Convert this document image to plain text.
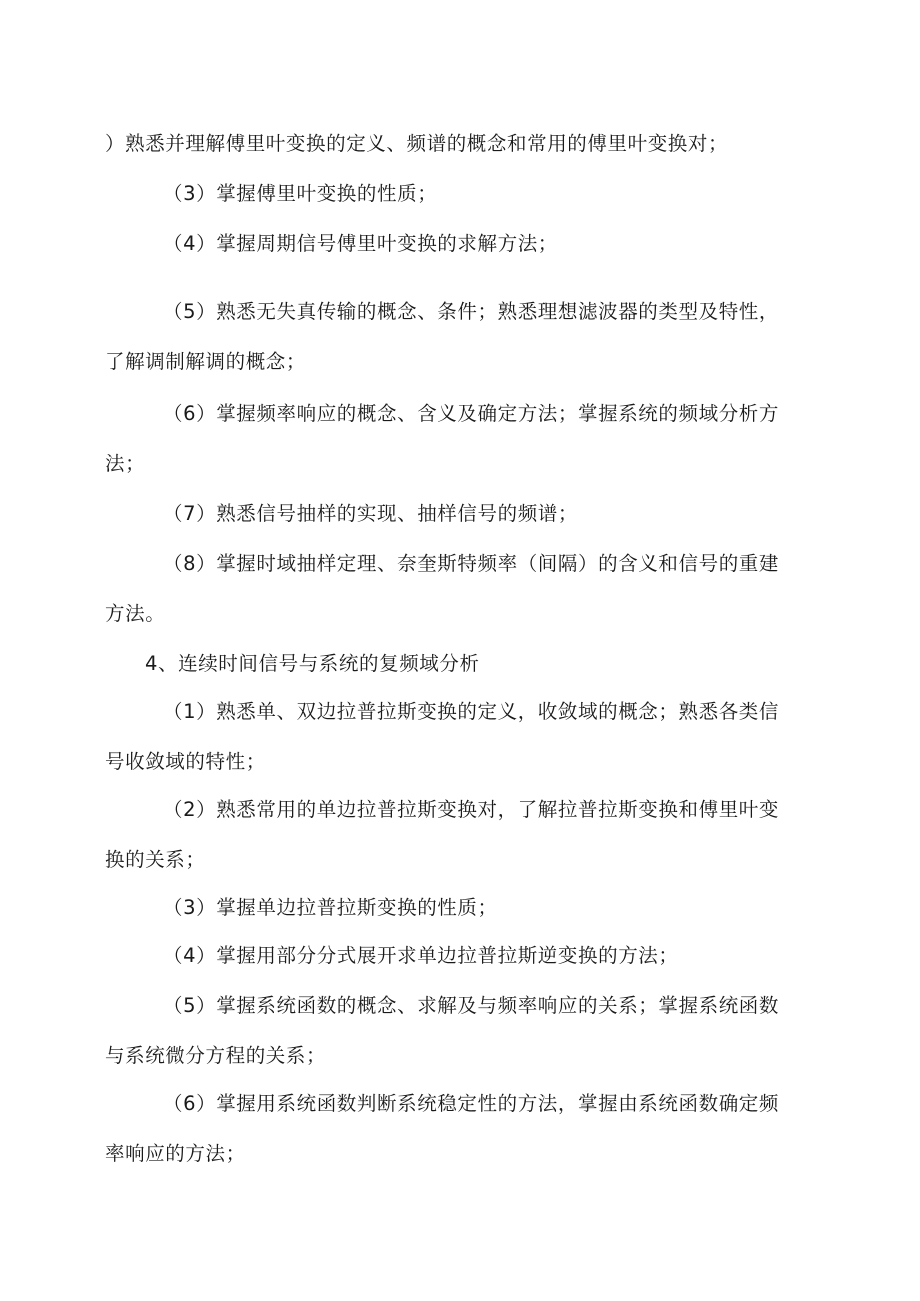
）熟悉并理解傅里叶变换的定义、频谱的概念和常用的傅里叶变换对；
（3）掌握傅里叶变换的性质；
（4）掌握周期信号傅里叶变换的求解方法；
（5）熟悉无失真传输的概念、条件；熟悉理想滤波器的类型及特性，
了解调制解调的概念；
（6）掌握频率响应的概念、含义及确定方法；掌握系统的频域分析方
法；
（7）熟悉信号抽样的实现、抽样信号的频谱；
（8）掌握时域抽样定理、奈奎斯特频率（间隔）的含义和信号的重建
方法。
4、连续时间信号与系统的复频域分析
（1）熟悉单、双边拉普拉斯变换的定义，收敛域的概念；熟悉各类信
号收敛域的特性；
（2）熟悉常用的单边拉普拉斯变换对，了解拉普拉斯变换和傅里叶变
换的关系；
（3）掌握单边拉普拉斯变换的性质；
（4）掌握用部分分式展开求单边拉普拉斯逆变换的方法；
（5）掌握系统函数的概念、求解及与频率响应的关系；掌握系统函数
与系统微分方程的关系；
（6）掌握用系统函数判断系统稳定性的方法，掌握由系统函数确定频
率响应的方法；
